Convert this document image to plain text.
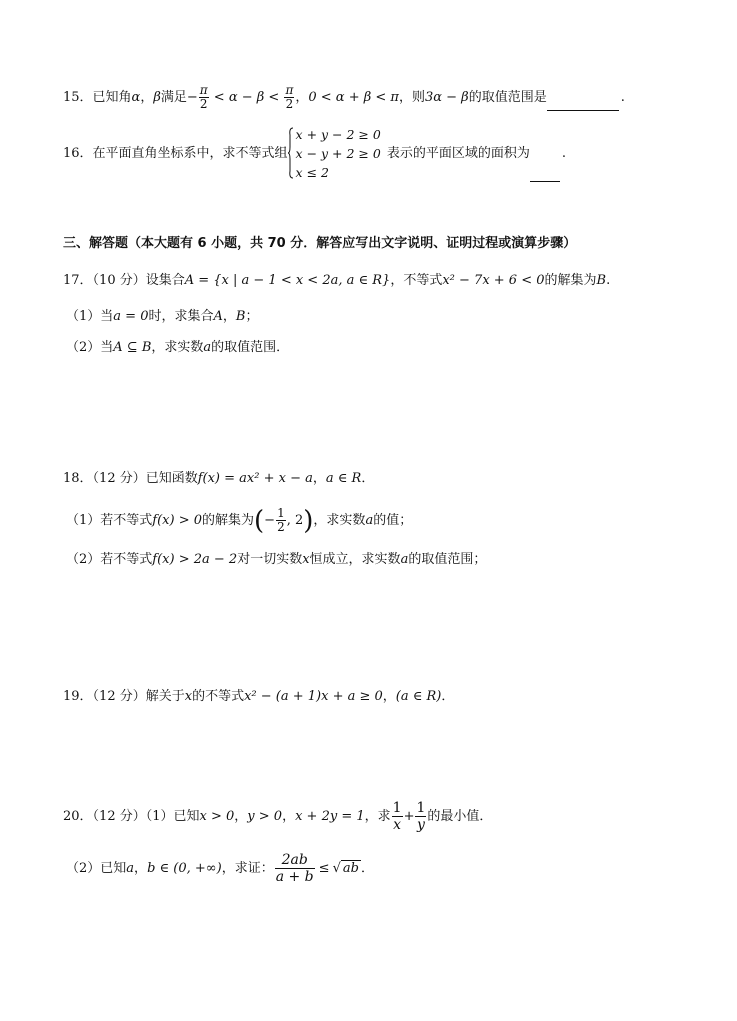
15．已知角α，β满足− $\frac{\pi}{2} < \alpha - \beta < \frac{\pi}{2}$ ，0 < α + β < π，则3α − β的取值范围是	.
16．在平面直角坐标系中，求不等式组
x + y − 2 ≥ 0
x − y + 2 ≥ 0
x ≤ 2
表示的平面区域的面积为 .
三、解答题（本大题有 6 小题，共 70 分．解答应写出文字说明、证明过程或演算步骤）
17．（10 分）设集合A = {x | a − 1 < x < 2a, a ∈ R}，不等式x² − 7x + 6 < 0的解集为B.
（1）当a = 0时，求集合A，B；
（2）当A ⊆ B，求实数a的取值范围．
18．（12 分）已知函数f(x) = ax² + x − a，a ∈ R．
（1）若不等式f(x) > 0的解集为(− $\frac{1}{2}$ , 2)，求实数a的值；
（2）若不等式f(x) > 2a − 2对一切实数x恒成立，求实数a的取值范围；
19．（12 分）解关于x的不等式x² − (a + 1)x + a ≥ 0，(a ∈ R)．
20．（12 分）（1）已知x > 0，y > 0，x + 2y = 1，求 $\frac{1}{x} + \frac{1}{y}$ 的最小值．
（2）已知a，b ∈ (0, +∞)，求证： $\frac{2ab}{a + b}$ ≤ √ ab ．
